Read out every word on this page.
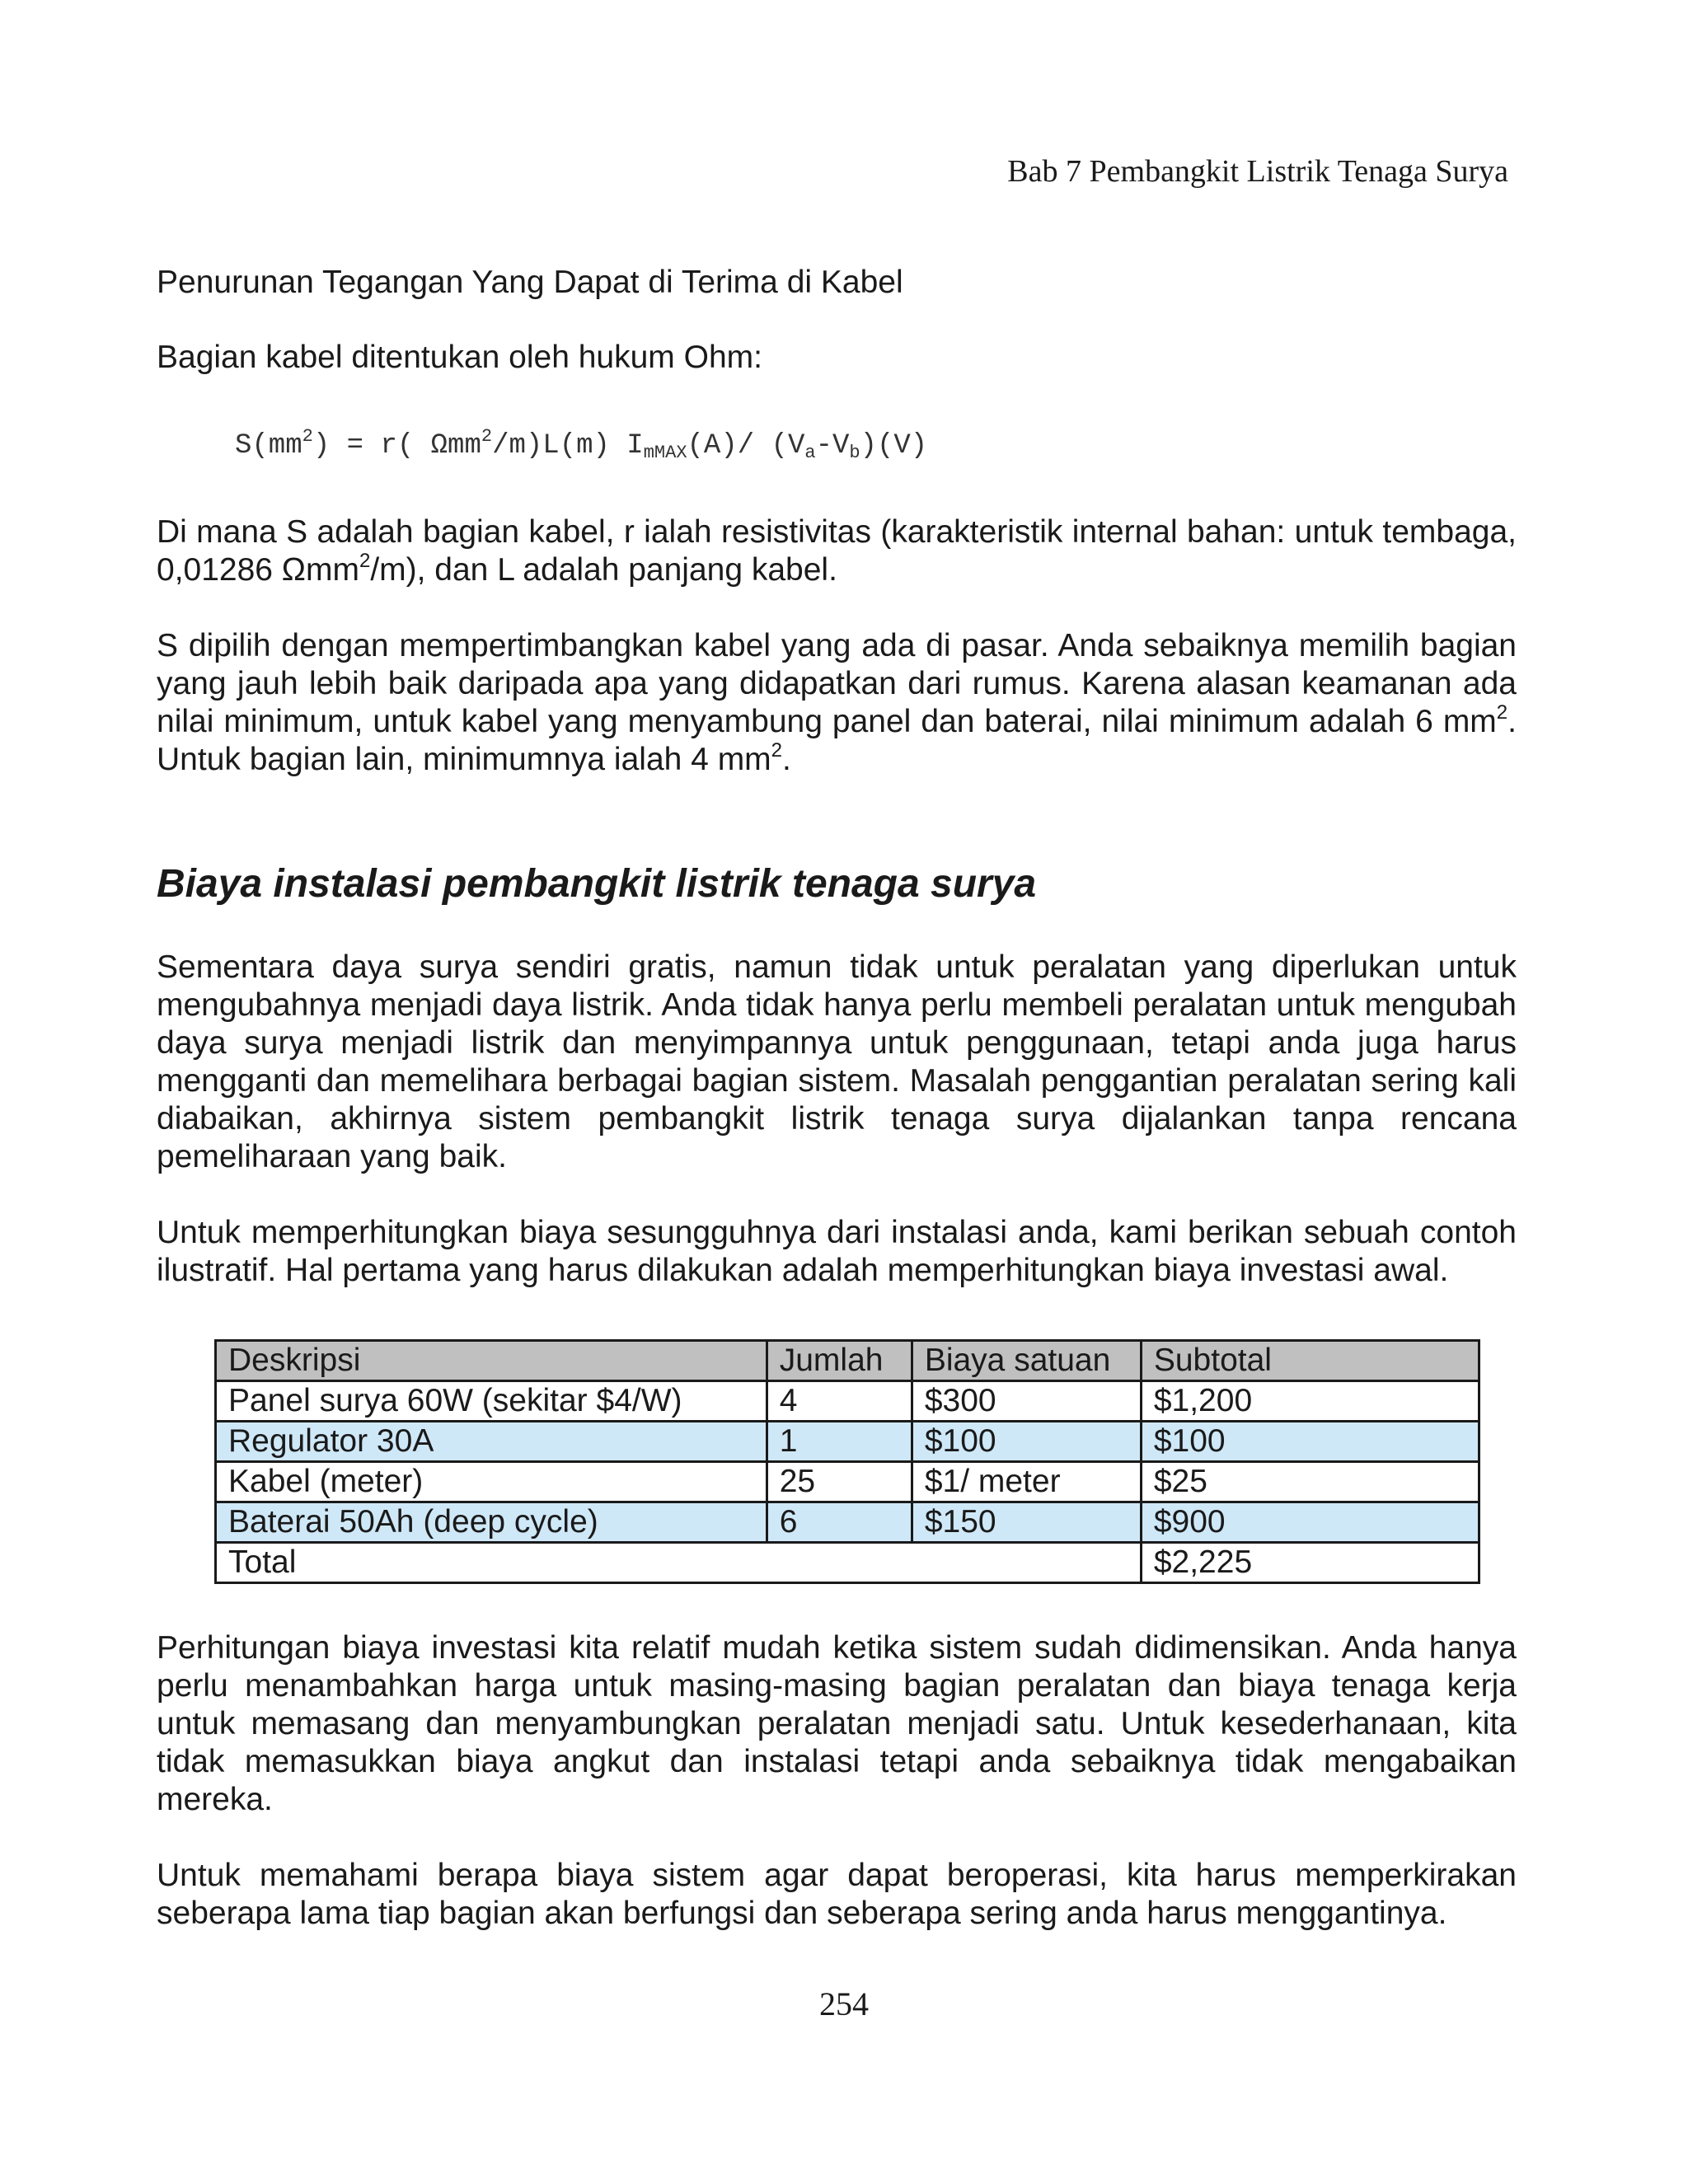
Bab 7 Pembangkit Listrik Tenaga Surya

Penurunan Tegangan Yang Dapat di Terima di Kabel

Bagian kabel ditentukan oleh hukum Ohm:

$S(mm^2) = r$( Ωmm$^2$/m)L(m) $I_{mMAX}(A)/$ $(V_a-V_b)(V)$

Di mana S adalah bagian kabel, r ialah resistivitas (karakteristik internal bahan: untuk tembaga, 0,01286 Ωmm$^2$/m), dan L adalah panjang kabel.

S dipilih dengan mempertimbangkan kabel yang ada di pasar. Anda sebaiknya memilih bagian yang jauh lebih baik daripada apa yang didapatkan dari rumus. Karena alasan keamanan ada nilai minimum, untuk kabel yang menyambung panel dan baterai, nilai minimum adalah 6 $mm^2$. Untuk bagian lain, minimumnya ialah 4 $mm^2$.

Biaya instalasi pembangkit listrik tenaga surya

Sementara daya surya sendiri gratis, namun tidak untuk peralatan yang diperlukan untuk mengubahnya menjadi daya listrik. Anda tidak hanya perlu membeli peralatan untuk mengubah daya surya menjadi listrik dan menyimpannya untuk penggunaan, tetapi anda juga harus mengganti dan memelihara berbagai bagian sistem. Masalah penggantian peralatan sering kali diabaikan, akhirnya sistem pembangkit listrik tenaga surya dijalankan tanpa rencana pemeliharaan yang baik.

Untuk memperhitungkan biaya sesungguhnya dari instalasi anda, kami berikan sebuah contoh ilustratif. Hal pertama yang harus dilakukan adalah memperhitungkan biaya investasi awal.

Deskripsi	Jumlah	Biaya satuan	Subtotal
Panel surya 60W (sekitar $4/W)	4	$300	$1,200
Regulator 30A	1	$100	$100
Kabel (meter)	25	$1/ meter	$25
Baterai 50Ah (deep cycle)	6	$150	$900
Total			$2,225

Perhitungan biaya investasi kita relatif mudah ketika sistem sudah didimensikan. Anda hanya perlu menambahkan harga untuk masing-masing bagian peralatan dan biaya tenaga kerja untuk memasang dan menyambungkan peralatan menjadi satu. Untuk kesederhanaan, kita tidak memasukkan biaya angkut dan instalasi tetapi anda sebaiknya tidak mengabaikan mereka.

Untuk memahami berapa biaya sistem agar dapat beroperasi, kita harus memperkirakan seberapa lama tiap bagian akan berfungsi dan seberapa sering anda harus menggantinya.

254
